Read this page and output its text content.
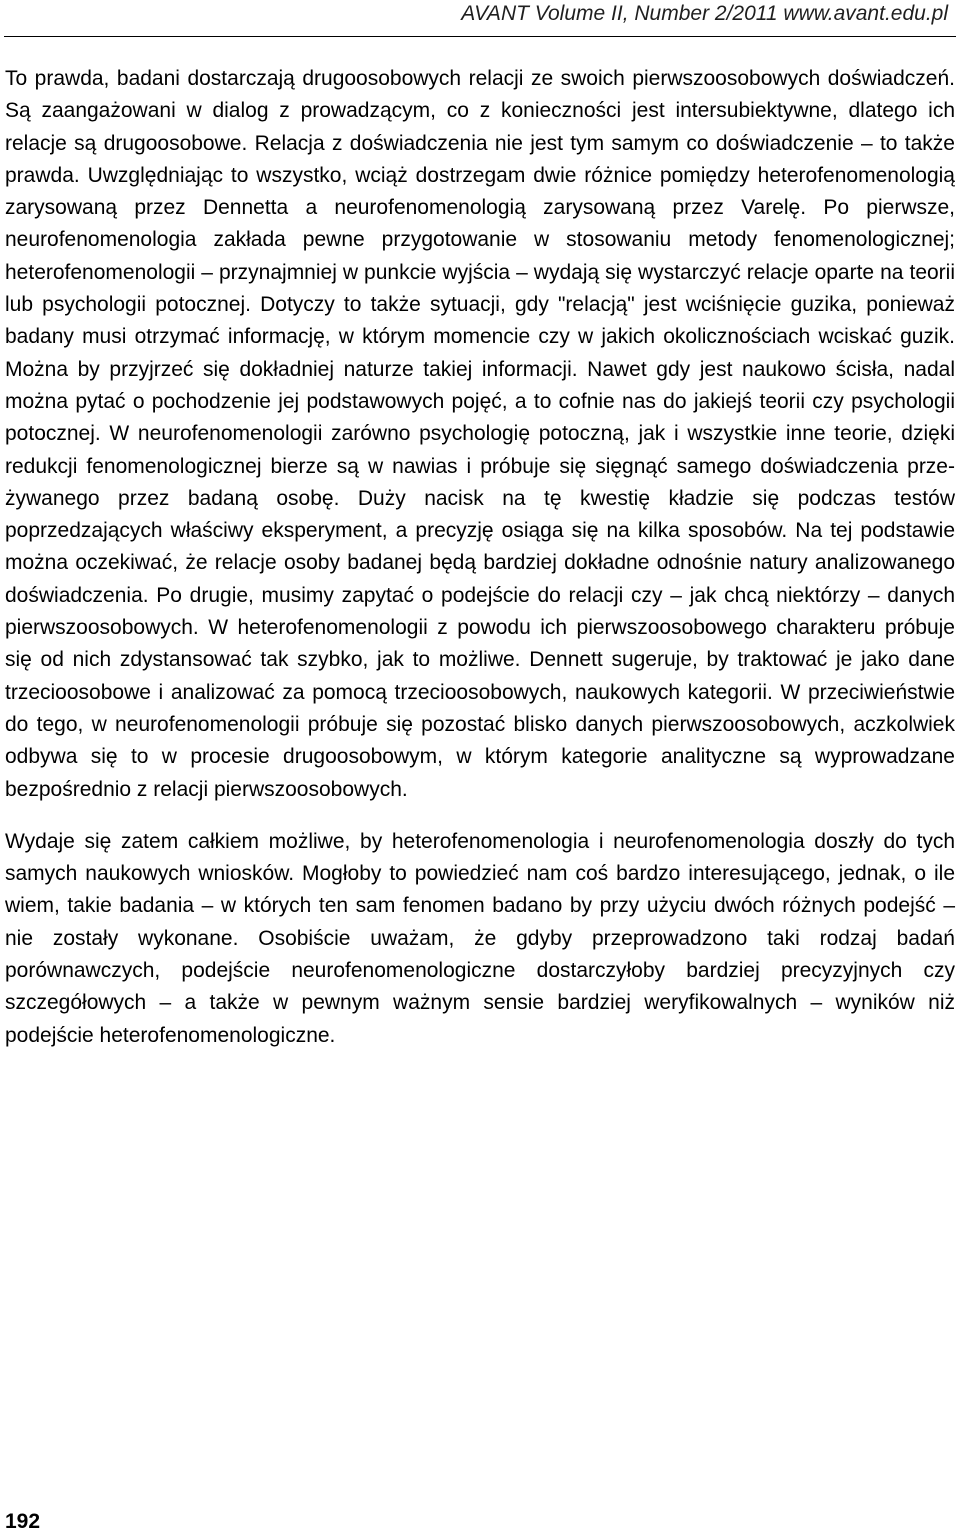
AVANT Volume II, Number 2/2011 www.avant.edu.pl

To prawda, badani dostarczają drugoosobowych relacji ze swoich pierwszoosobowych doświadczeń. Są zaangażowani w dialog z prowadzącym, co z konieczności jest intersubiektywne, dlatego ich relacje są drugoosobowe. Relacja z doświadczenia nie jest tym samym co doświadczenie – to także prawda. Uwzględniając to wszystko, wciąż dostrzegam dwie różnice pomiędzy heterofenomenologią zarysowaną przez Dennetta a neurofenomenologią zarysowaną przez Varelę. Po pierwsze, neurofenomenologia zakłada pewne przygotowanie w stosowaniu metody fenomenologicznej; heterofenomenologii – przynajmniej w punkcie wyjścia – wydają się wystarczyć relacje oparte na teorii lub psychologii potocznej. Dotyczy to także sytuacji, gdy "relacją" jest wciśnięcie guzika, ponieważ badany musi otrzymać informację, w którym momencie czy w jakich okolicznościach wciskać guzik. Można by przyjrzeć się dokładniej naturze takiej informacji. Nawet gdy jest naukowo ścisła, nadal można pytać o pochodzenie jej podstawowych pojęć, a to cofnie nas do jakiejś teorii czy psychologii potocznej. W neurofenomenologii zarówno psychologię potoczną, jak i wszystkie inne teorie, dzięki redukcji fenomenologicznej bierze są w nawias i próbuje się sięgnąć samego doświadczenia przeżywanego przez badaną osobę. Duży nacisk na tę kwestię kładzie się podczas testów poprzedzających właściwy eksperyment, a precyzję osiąga się na kilka sposobów. Na tej podstawie można oczekiwać, że relacje osoby badanej będą bardziej dokładne odnośnie natury analizowanego doświadczenia. Po drugie, musimy zapytać o podejście do relacji czy – jak chcą niektórzy – danych pierwszoosobowych. W heterofenomenologii z powodu ich pierwszoosobowego charakteru próbuje się od nich zdystansować tak szybko, jak to możliwe. Dennett sugeruje, by traktować je jako dane trzecioosobowe i analizować za pomocą trzecioosobowych, naukowych kategorii. W przeciwieństwie do tego, w neurofenomenologii próbuje się pozostać blisko danych pierwszoosobowych, aczkolwiek odbywa się to w procesie drugoosobowym, w którym kategorie analityczne są wyprowadzane bezpośrednio z relacji pierwszoosobowych.

Wydaje się zatem całkiem możliwe, by heterofenomenologia i neurofenomenologia doszły do tych samych naukowych wniosków. Mogłoby to powiedzieć nam coś bardzo interesującego, jednak, o ile wiem, takie badania – w których ten sam fenomen badano by przy użyciu dwóch różnych podejść – nie zostały wykonane. Osobiście uważam, że gdyby przeprowadzono taki rodzaj badań porównawczych, podejście neurofenomenologiczne dostarczyłoby bardziej precyzyjnych czy szczegółowych – a także w pewnym ważnym sensie bardziej weryfikowalnych – wyników niż podejście heterofenomenologiczne.

192
